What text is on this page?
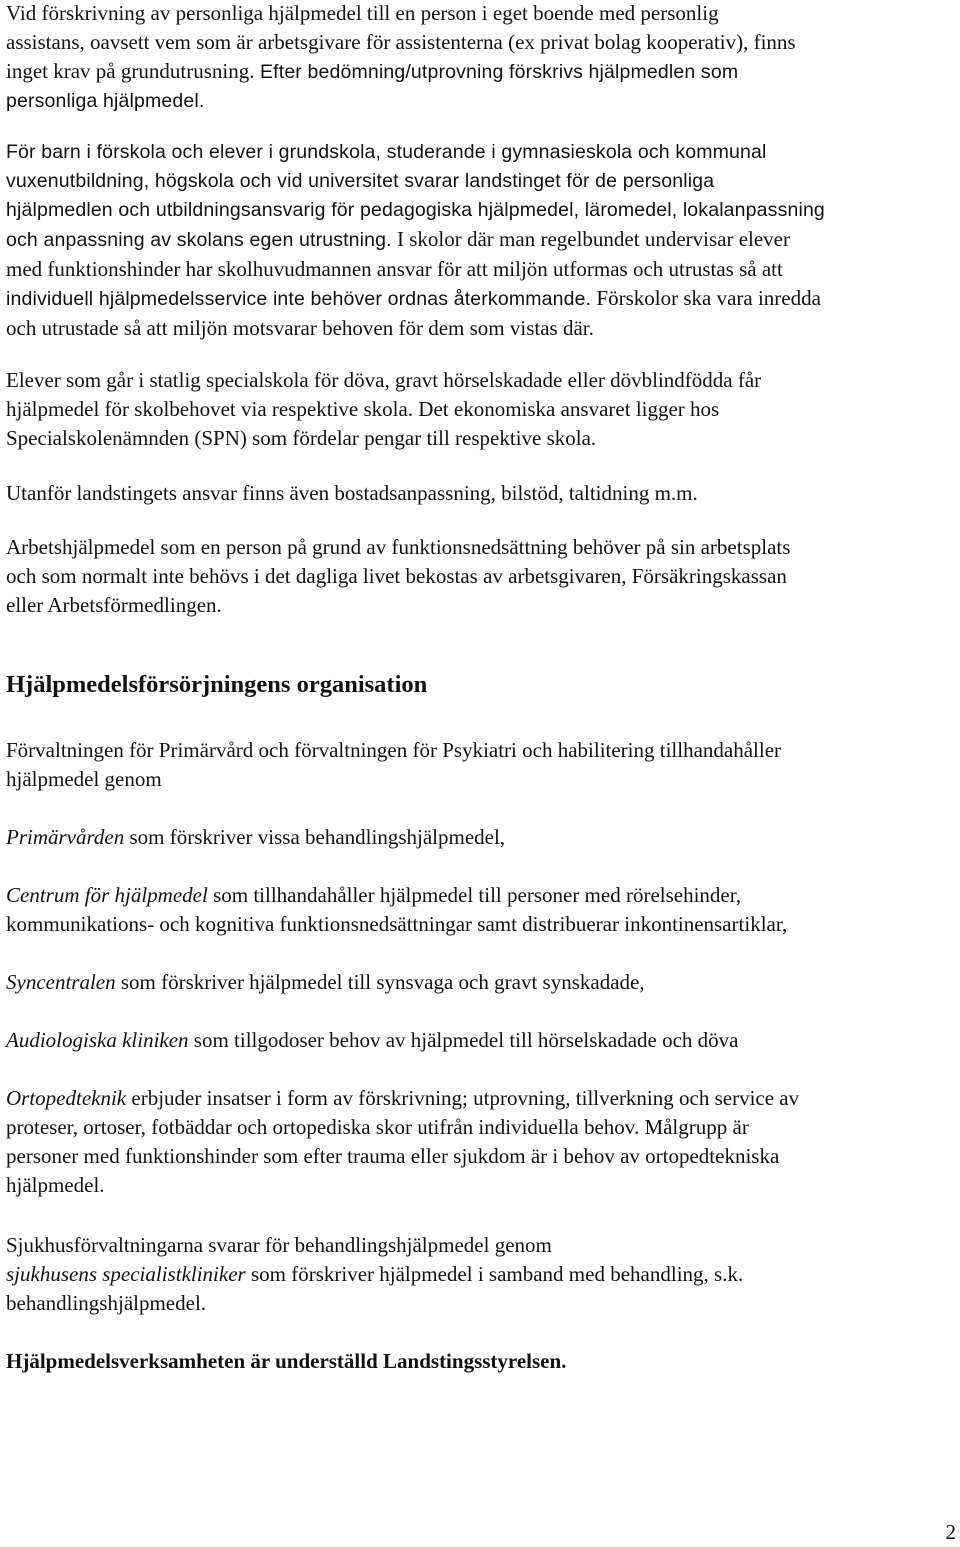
Vid förskrivning av personliga hjälpmedel till en person i eget boende med personlig
assistans, oavsett vem som är arbetsgivare för assistenterna (ex privat bolag kooperativ), finns
inget krav på grundutrusning. Efter bedömning/utprovning förskrivs hjälpmedlen som
personliga hjälpmedel.
För barn i förskola och elever i grundskola, studerande i gymnasieskola och kommunal
vuxenutbildning, högskola och vid universitet svarar landstinget för de personliga
hjälpmedlen och utbildningsansvarig för pedagogiska hjälpmedel, läromedel, lokalanpassning
och anpassning av skolans egen utrustning. I skolor där man regelbundet undervisar elever
med funktionshinder har skolhuvudmannen ansvar för att miljön utformas och utrustas så att
individuell hjälpmedelsservice inte behöver ordnas återkommande. Förskolor ska vara inredda
och utrustade så att miljön motsvarar behoven för dem som vistas där.
Elever som går i statlig specialskola för döva, gravt hörselskadade eller dövblindfödda får
hjälpmedel för skolbehovet via respektive skola. Det ekonomiska ansvaret ligger hos
Specialskolenämnden (SPN) som fördelar pengar till respektive skola.
Utanför landstingets ansvar finns även bostadsanpassning, bilstöd, taltidning m.m.
Arbetshjälpmedel som en person på grund av funktionsnedsättning behöver på sin arbetsplats
och som normalt inte behövs i det dagliga livet bekostas av arbetsgivaren, Försäkringskassan
eller Arbetsförmedlingen.
Hjälpmedelsförsörjningens organisation
Förvaltningen för Primärvård och förvaltningen för Psykiatri och habilitering tillhandahåller
hjälpmedel genom
Primärvården som förskriver vissa behandlingshjälpmedel,
Centrum för hjälpmedel som tillhandahåller hjälpmedel till personer med rörelsehinder,
kommunikations- och kognitiva funktionsnedsättningar samt distribuerar inkontinensartiklar,
Syncentralen som förskriver hjälpmedel till synsvaga och gravt synskadade,
Audiologiska kliniken som tillgodoser behov av hjälpmedel till hörselskadade och döva
Ortopedteknik erbjuder insatser i form av förskrivning; utprovning, tillverkning och service av
proteser, ortoser, fotbäddar och ortopediska skor utifrån individuella behov. Målgrupp är
personer med funktionshinder som efter trauma eller sjukdom är i behov av ortopedtekniska
hjälpmedel.
Sjukhusförvaltningarna svarar för behandlingshjälpmedel genom
sjukhusens specialistkliniker som förskriver hjälpmedel i samband med behandling, s.k.
behandlingshjälpmedel.
Hjälpmedelsverksamheten är underställd Landstingsstyrelsen.
2
